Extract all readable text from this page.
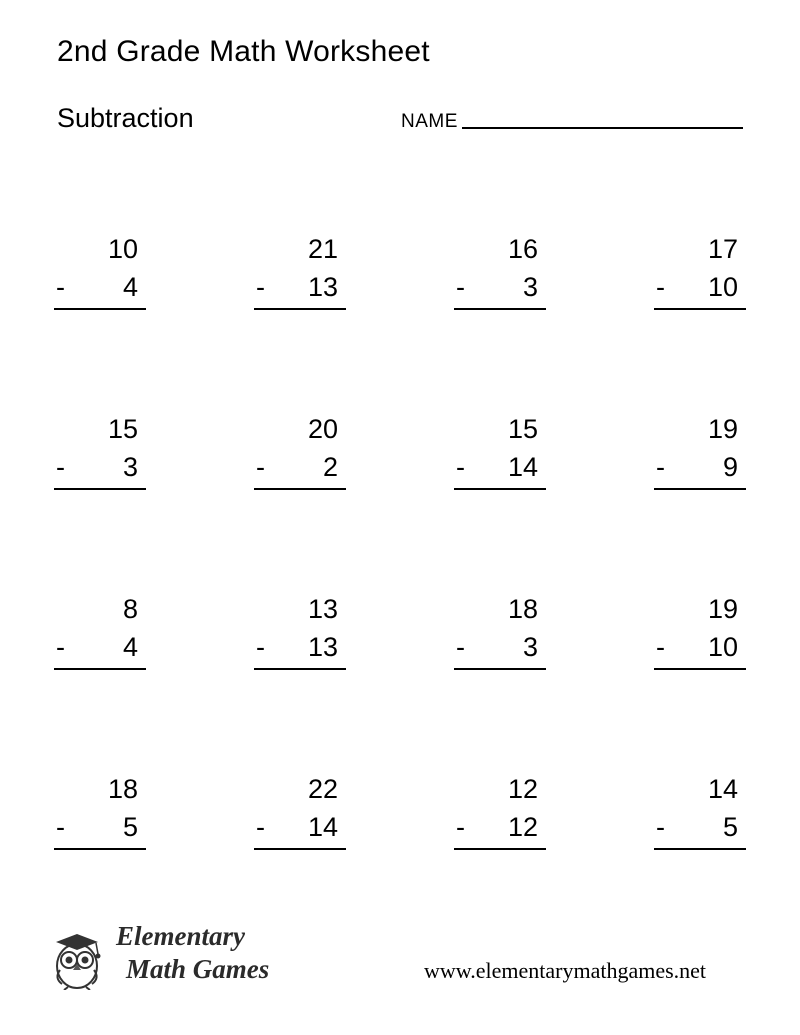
2nd Grade Math Worksheet
Subtraction	NAME
10
- 4
21
- 13
16
- 3
17
- 10
15
- 3
20
- 2
15
- 14
19
- 9
8
- 4
13
- 13
18
- 3
19
- 10
18
- 5
22
- 14
12
- 12
14
- 5
Elementary
Math Games	www.elementarymathgames.net
